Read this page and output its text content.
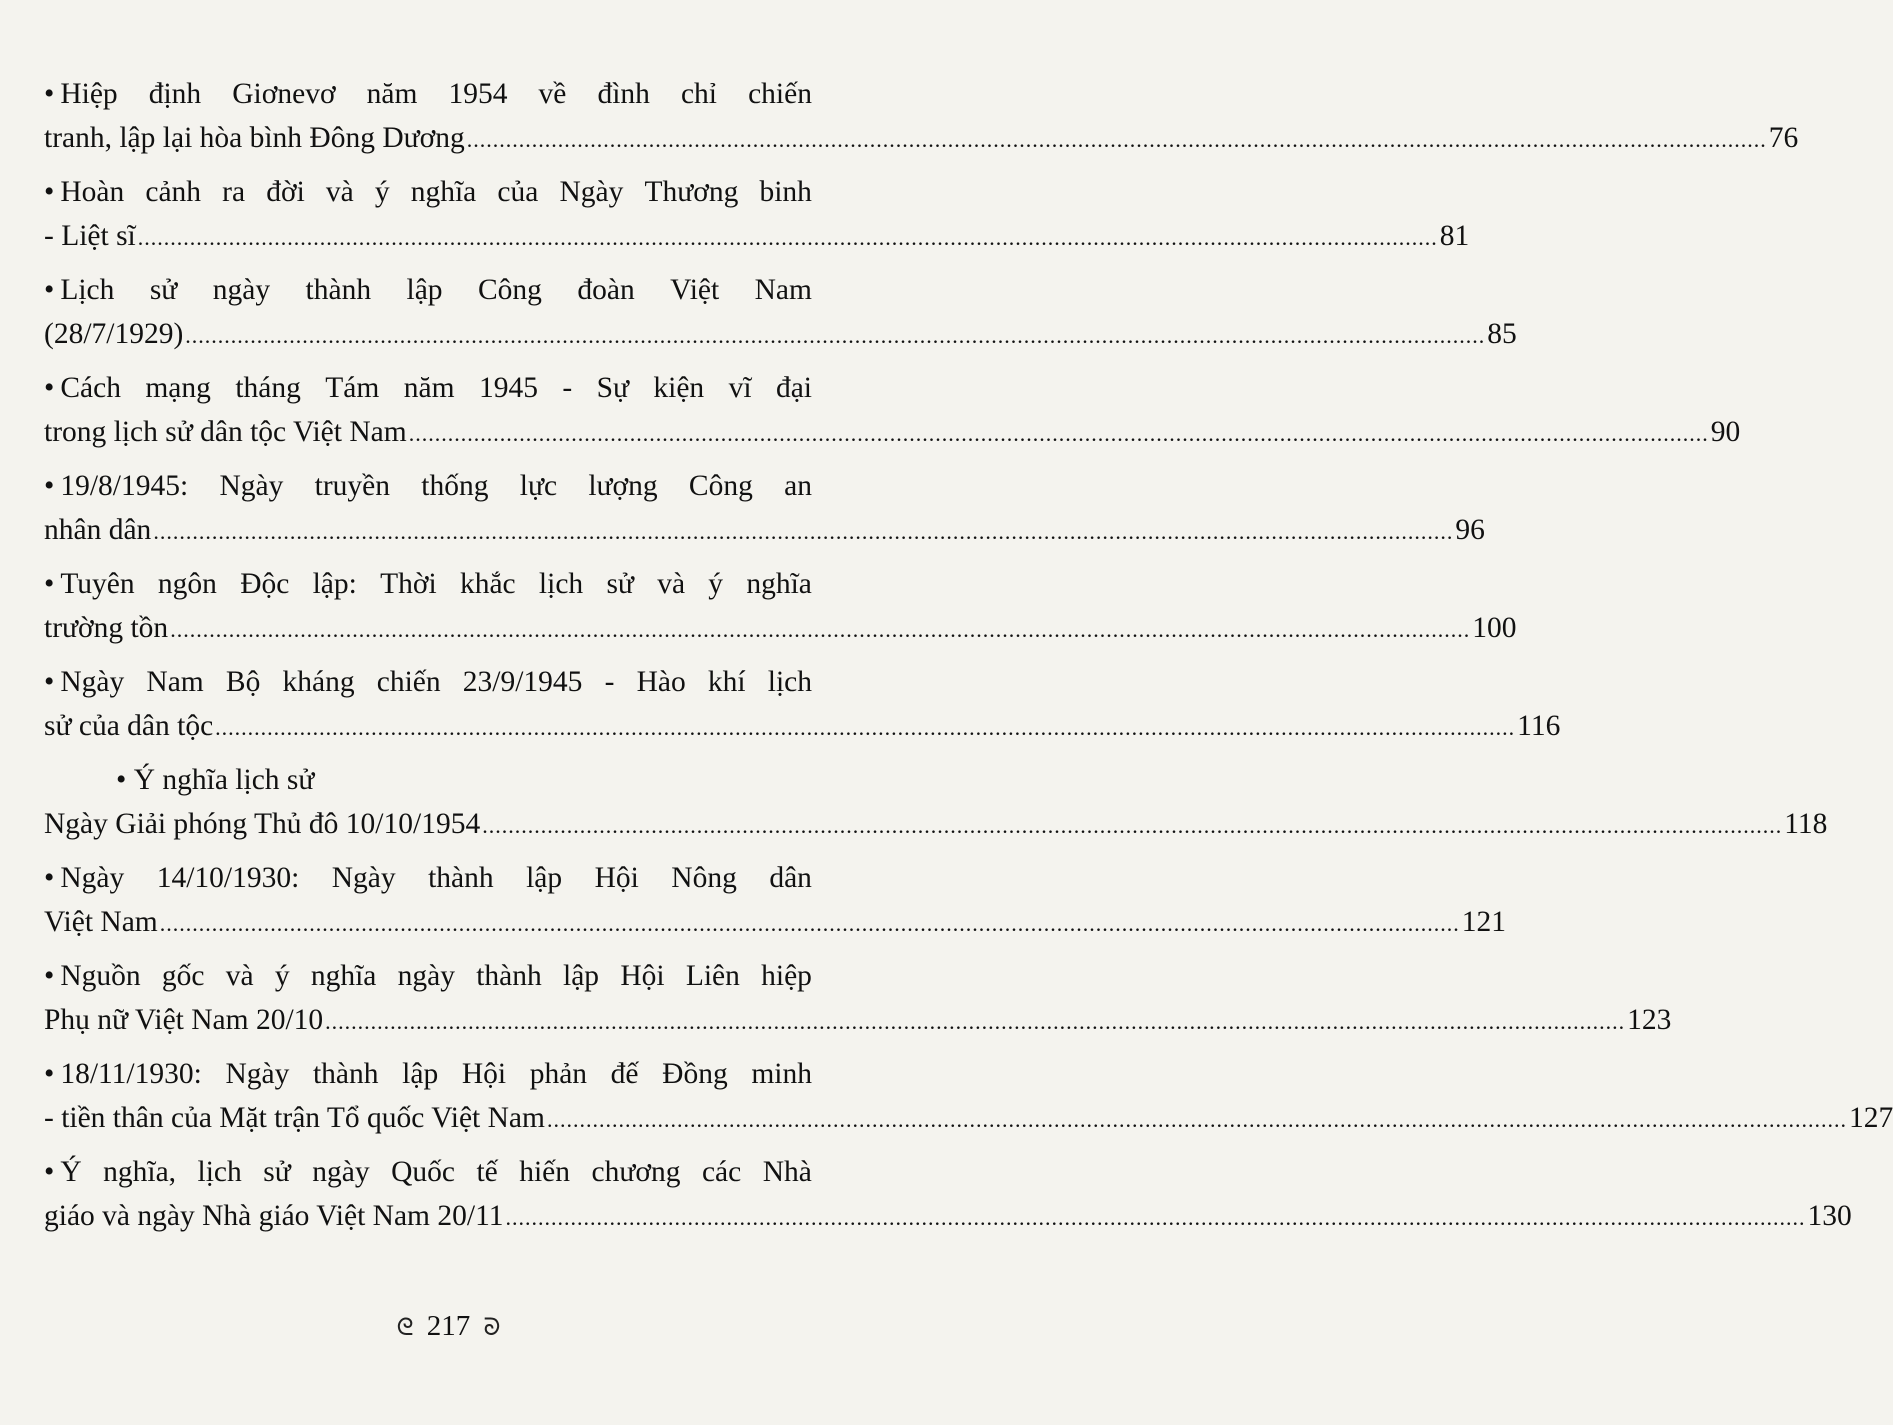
• Hiệp định Giơnevơ năm 1954 về đình chỉ chiến
tranh, lập lại hòa bình Đông Dương ........................................................................................................................................................................................................ 76
• Hoàn cảnh ra đời và ý nghĩa của Ngày Thương binh
- Liệt sĩ ........................................................................................................................................................................................................ 81
• Lịch sử ngày thành lập Công đoàn Việt Nam
(28/7/1929) ........................................................................................................................................................................................................ 85
• Cách mạng tháng Tám năm 1945 - Sự kiện vĩ đại
trong lịch sử dân tộc Việt Nam ........................................................................................................................................................................................................ 90
• 19/8/1945: Ngày truyền thống lực lượng Công an
nhân dân ........................................................................................................................................................................................................ 96
• Tuyên ngôn Độc lập: Thời khắc lịch sử và ý nghĩa
trường tồn ........................................................................................................................................................................................................ 100
• Ngày Nam Bộ kháng chiến 23/9/1945 - Hào khí lịch
sử của dân tộc ........................................................................................................................................................................................................ 116
• Ý nghĩa lịch sử
Ngày Giải phóng Thủ đô 10/10/1954 ........................................................................................................................................................................................................ 118
• Ngày 14/10/1930: Ngày thành lập Hội Nông dân
Việt Nam ........................................................................................................................................................................................................ 121
• Nguồn gốc và ý nghĩa ngày thành lập Hội Liên hiệp
Phụ nữ Việt Nam 20/10 ........................................................................................................................................................................................................ 123
• 18/11/1930: Ngày thành lập Hội phản đế Đồng minh
- tiền thân của Mặt trận Tổ quốc Việt Nam ........................................................................................................................................................................................................ 127
• Ý nghĩa, lịch sử ngày Quốc tế hiến chương các Nhà
giáo và ngày Nhà giáo Việt Nam 20/11 ........................................................................................................................................................................................................ 130
ᘓ 217 ᘐ
